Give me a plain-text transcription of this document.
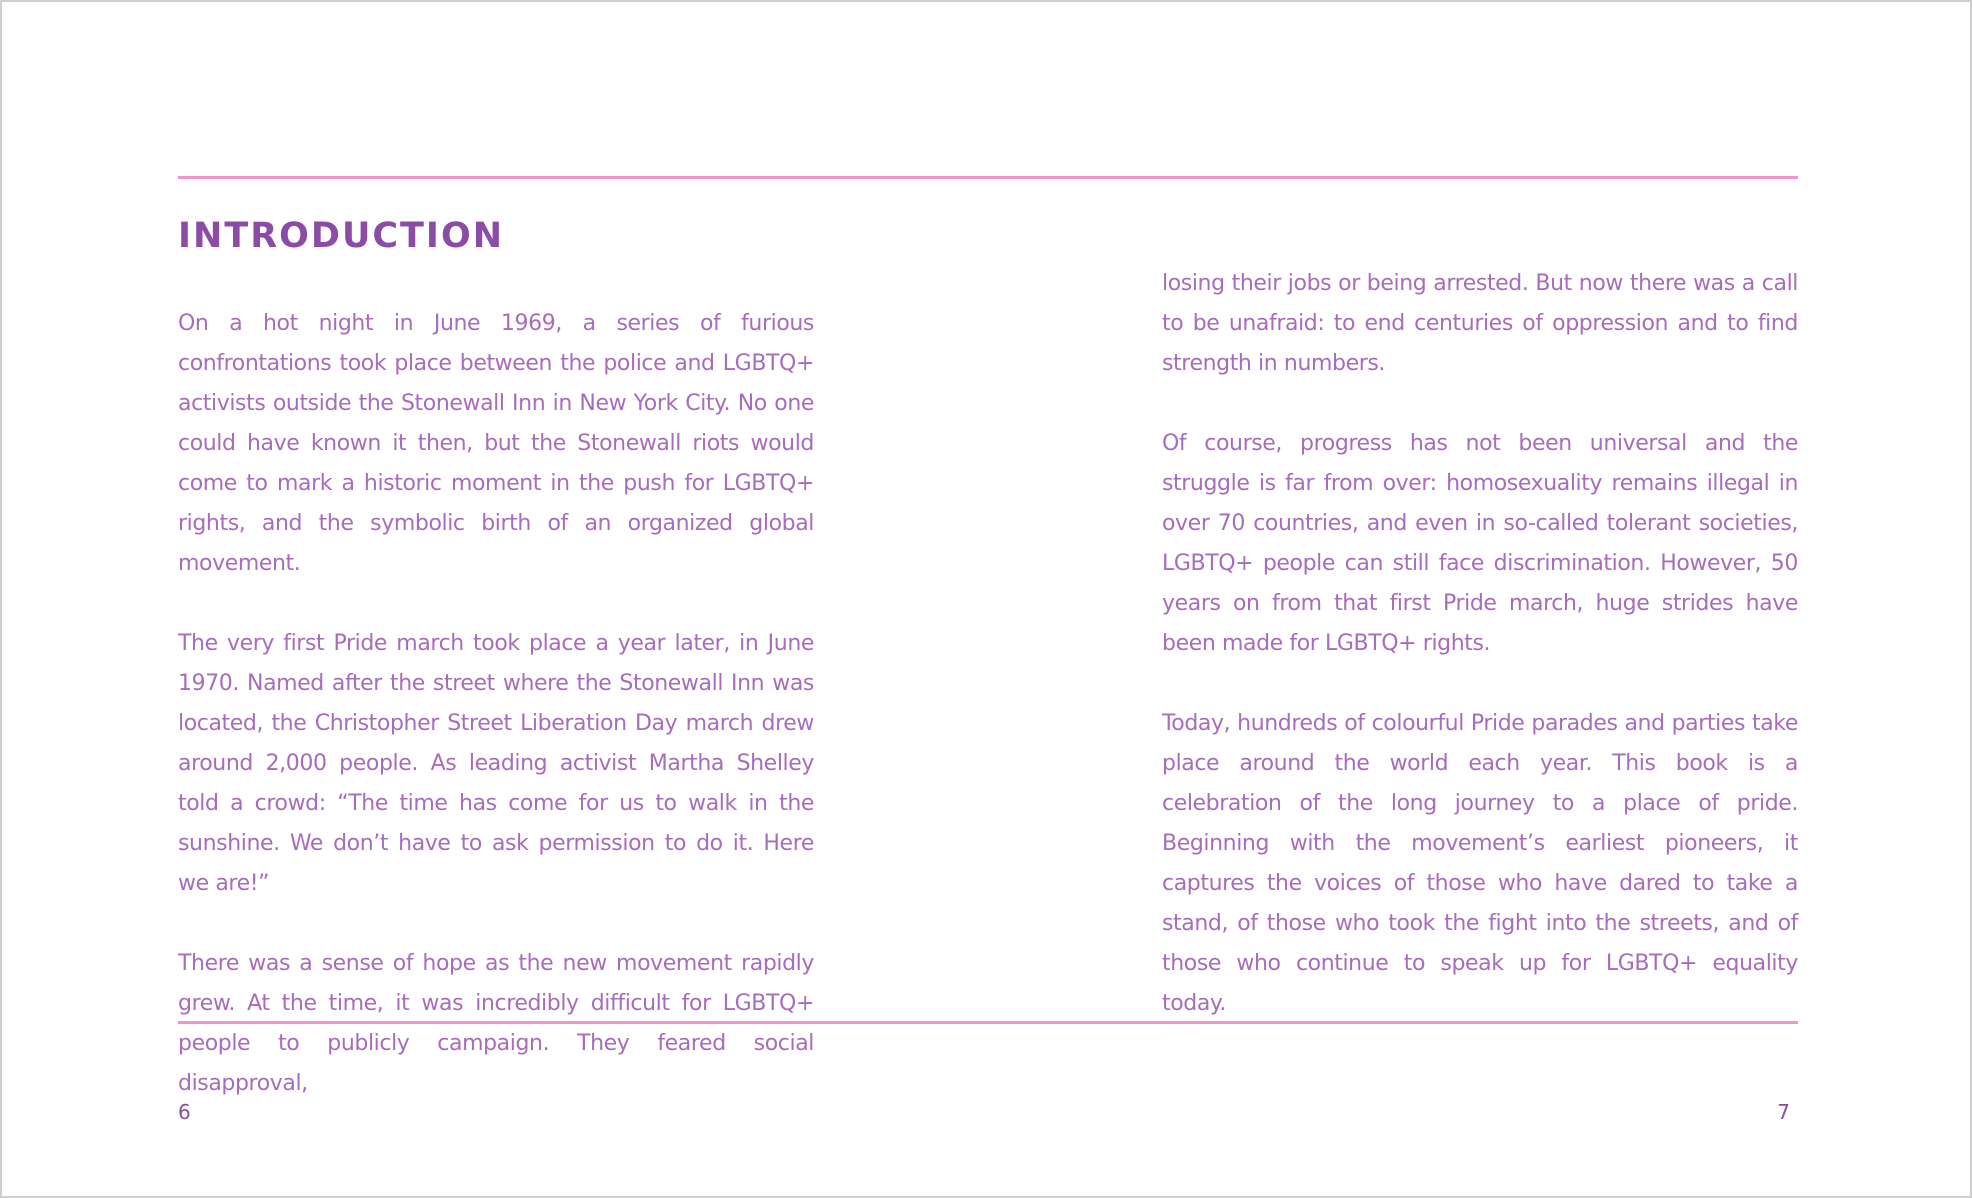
INTRODUCTION

On a hot night in June 1969, a series of furious confrontations took place between the police and LGBTQ+ activists outside the Stonewall Inn in New York City. No one could have known it then, but the Stonewall riots would come to mark a historic moment in the push for LGBTQ+ rights, and the symbolic birth of an organized global movement.

The very first Pride march took place a year later, in June 1970. Named after the street where the Stonewall Inn was located, the Christopher Street Liberation Day march drew around 2,000 people. As leading activist Martha Shelley told a crowd: “The time has come for us to walk in the sunshine. We don’t have to ask permission to do it. Here we are!”

There was a sense of hope as the new movement rapidly grew. At the time, it was incredibly difficult for LGBTQ+ people to publicly campaign. They feared social disapproval,

losing their jobs or being arrested. But now there was a call to be unafraid: to end centuries of oppression and to find strength in numbers.

Of course, progress has not been universal and the struggle is far from over: homosexuality remains illegal in over 70 countries, and even in so-called tolerant societies, LGBTQ+ people can still face discrimination. However, 50 years on from that first Pride march, huge strides have been made for LGBTQ+ rights.

Today, hundreds of colourful Pride parades and parties take place around the world each year. This book is a celebration of the long journey to a place of pride. Beginning with the movement’s earliest pioneers, it captures the voices of those who have dared to take a stand, of those who took the fight into the streets, and of those who continue to speak up for LGBTQ+ equality today.

6	7
